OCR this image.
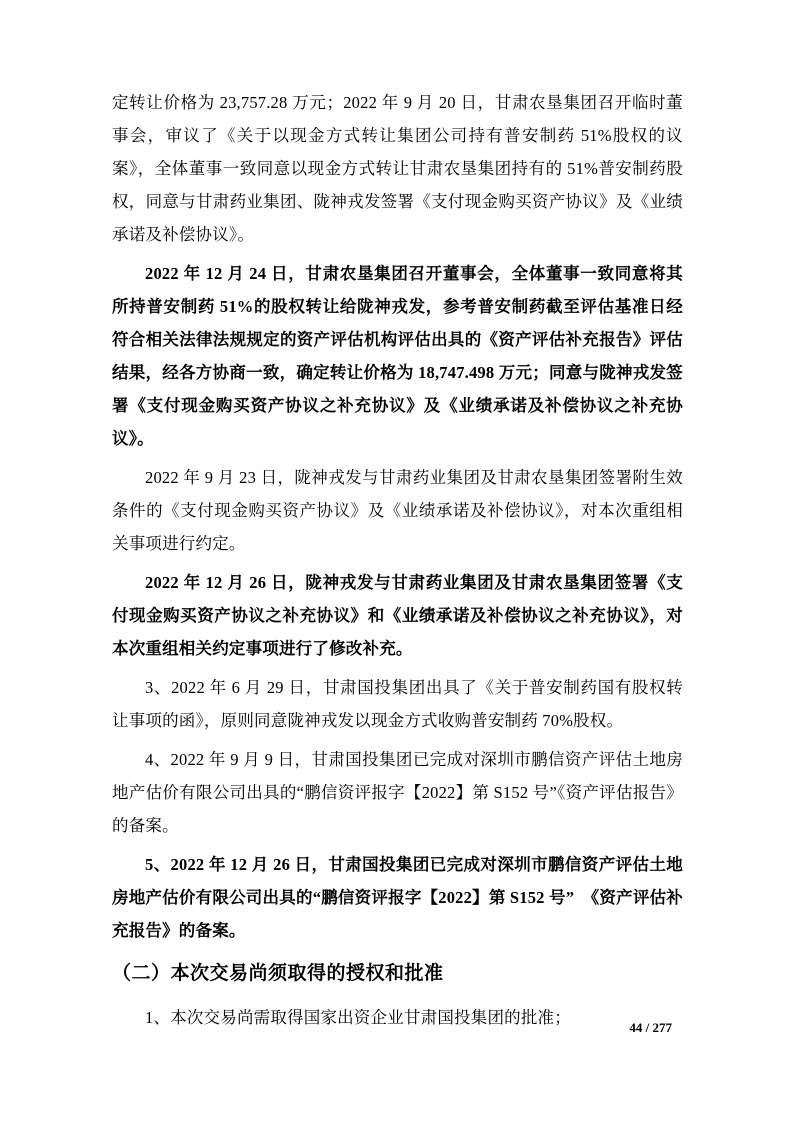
定转让价格为 23,757.28 万元；2022 年 9 月 20 日，甘肃农垦集团召开临时董事会，审议了《关于以现金方式转让集团公司持有普安制药 51%股权的议案》，全体董事一致同意以现金方式转让甘肃农垦集团持有的 51%普安制药股权，同意与甘肃药业集团、陇神戎发签署《支付现金购买资产协议》及《业绩承诺及补偿协议》。

2022 年 12 月 24 日，甘肃农垦集团召开董事会，全体董事一致同意将其所持普安制药 51%的股权转让给陇神戎发，参考普安制药截至评估基准日经符合相关法律法规规定的资产评估机构评估出具的《资产评估补充报告》评估结果，经各方协商一致，确定转让价格为 18,747.498 万元；同意与陇神戎发签署《支付现金购买资产协议之补充协议》及《业绩承诺及补偿协议之补充协议》。

2022 年 9 月 23 日，陇神戎发与甘肃药业集团及甘肃农垦集团签署附生效条件的《支付现金购买资产协议》及《业绩承诺及补偿协议》，对本次重组相关事项进行约定。

2022 年 12 月 26 日，陇神戎发与甘肃药业集团及甘肃农垦集团签署《支付现金购买资产协议之补充协议》和《业绩承诺及补偿协议之补充协议》，对本次重组相关约定事项进行了修改补充。

3、2022 年 6 月 29 日，甘肃国投集团出具了《关于普安制药国有股权转让事项的函》，原则同意陇神戎发以现金方式收购普安制药 70%股权。

4、2022 年 9 月 9 日，甘肃国投集团已完成对深圳市鹏信资产评估土地房地产估价有限公司出具的“鹏信资评报字【2022】第 S152 号”《资产评估报告》的备案。

5、2022 年 12 月 26 日，甘肃国投集团已完成对深圳市鹏信资产评估土地房地产估价有限公司出具的“鹏信资评报字【2022】第 S152 号”　《资产评估补充报告》的备案。

（二）本次交易尚须取得的授权和批准

1、本次交易尚需取得国家出资企业甘肃国投集团的批准；

44 / 277
